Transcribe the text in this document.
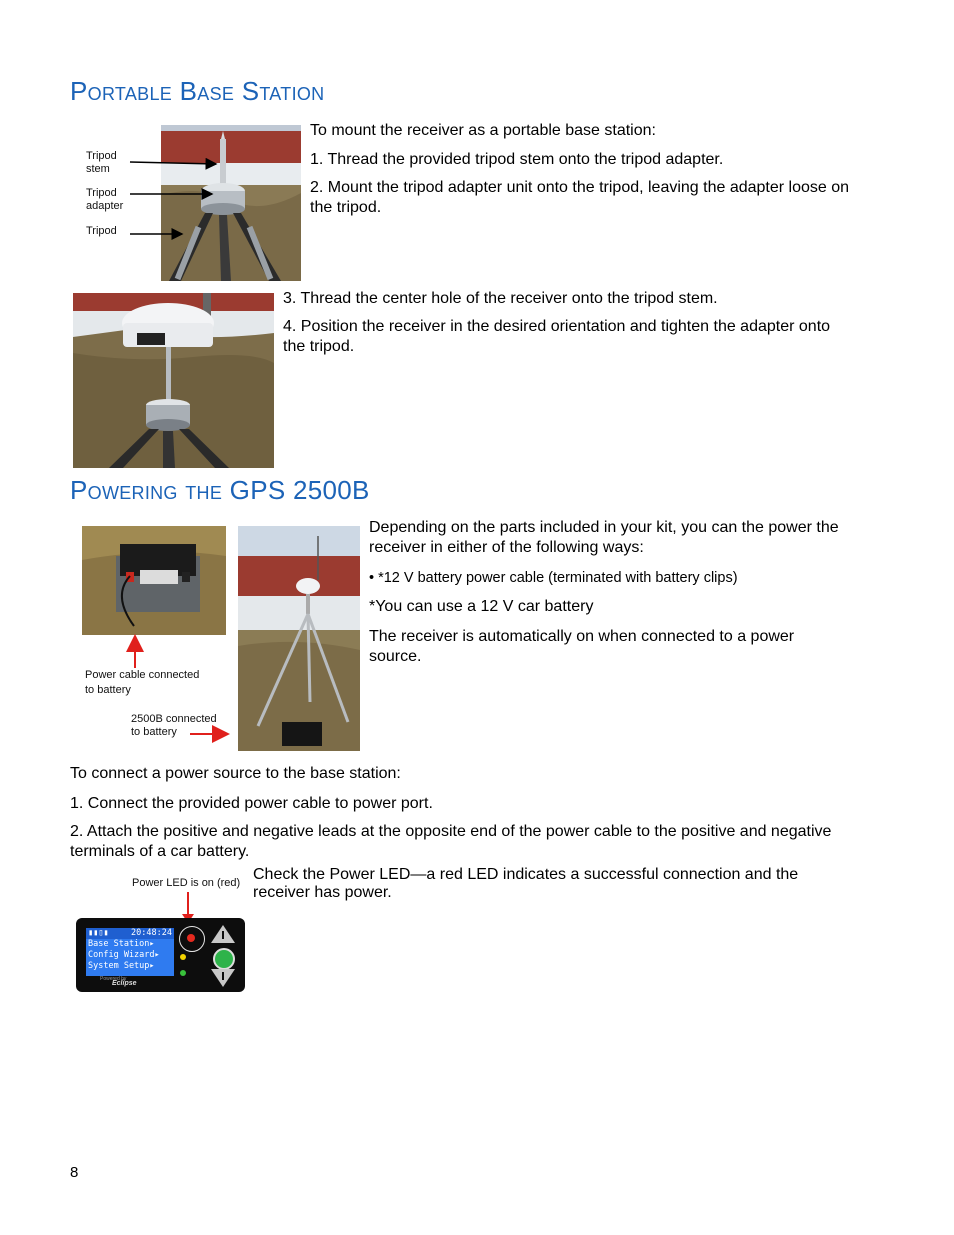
Portable Base Station
Tripod
stem
Tripod
adapter
Tripod
To mount the receiver as a portable base station:
1. Thread the provided tripod stem onto the tripod adapter.
2. Mount the tripod adapter unit onto the tripod, leaving the adapter loose on the tripod.
3. Thread the center hole of the receiver onto the tripod stem.
4. Position the receiver in the desired orientation and tighten the adapter onto the tripod.
Powering the GPS 2500B
Power cable connected
to battery
2500B connected
to battery
Depending on the parts included in your kit, you can the power the receiver in either of the following ways:
• *12 V battery power cable (terminated with battery clips)
*You can use a 12 V car battery
The receiver is automatically on when connected to a power source.
To connect a power source to the base station:
1. Connect the provided power cable to power port.
2. Attach the positive and negative leads at the opposite end of the power cable to the positive and negative terminals of a car battery.
Power LED is on (red) Check the Power LED—a red LED indicates a successful connection and the receiver has power.
▮▮▯▮	20:48:24
Base Station▸
Config Wizard▸
System Setup▸
Powered by
Eclipse
8
